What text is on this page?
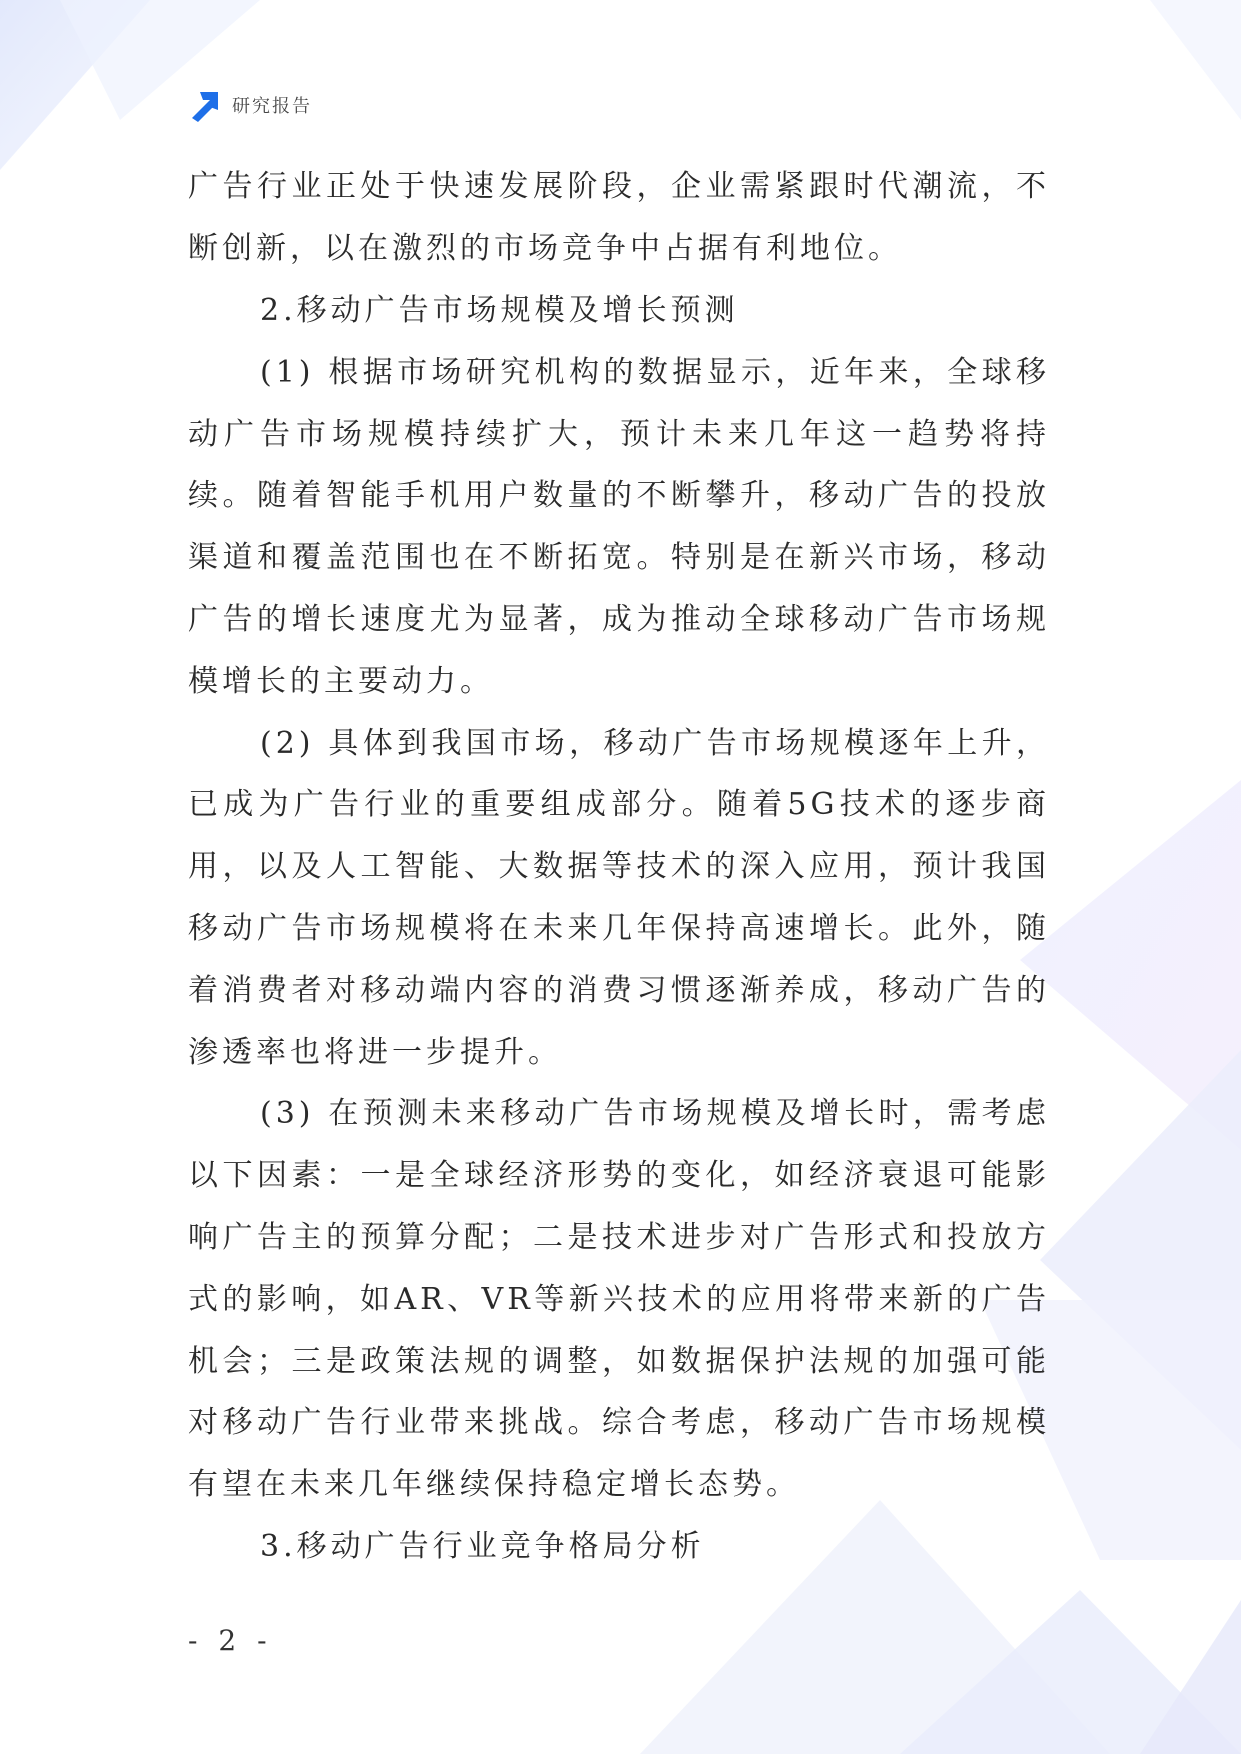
研究报告

广告行业正处于快速发展阶段，企业需紧跟时代潮流，不断创新，以在激烈的市场竞争中占据有利地位。

2.移动广告市场规模及增长预测

(1) 根据市场研究机构的数据显示，近年来，全球移动广告市场规模持续扩大，预计未来几年这一趋势将持续。随着智能手机用户数量的不断攀升，移动广告的投放渠道和覆盖范围也在不断拓宽。特别是在新兴市场，移动广告的增长速度尤为显著，成为推动全球移动广告市场规模增长的主要动力。

(2) 具体到我国市场，移动广告市场规模逐年上升，已成为广告行业的重要组成部分。随着5G技术的逐步商用，以及人工智能、大数据等技术的深入应用，预计我国移动广告市场规模将在未来几年保持高速增长。此外，随着消费者对移动端内容的消费习惯逐渐养成，移动广告的渗透率也将进一步提升。

(3) 在预测未来移动广告市场规模及增长时，需考虑以下因素：一是全球经济形势的变化，如经济衰退可能影响广告主的预算分配；二是技术进步对广告形式和投放方式的影响，如AR、VR等新兴技术的应用将带来新的广告机会；三是政策法规的调整，如数据保护法规的加强可能对移动广告行业带来挑战。综合考虑，移动广告市场规模有望在未来几年继续保持稳定增长态势。

3.移动广告行业竞争格局分析

- 2 -
